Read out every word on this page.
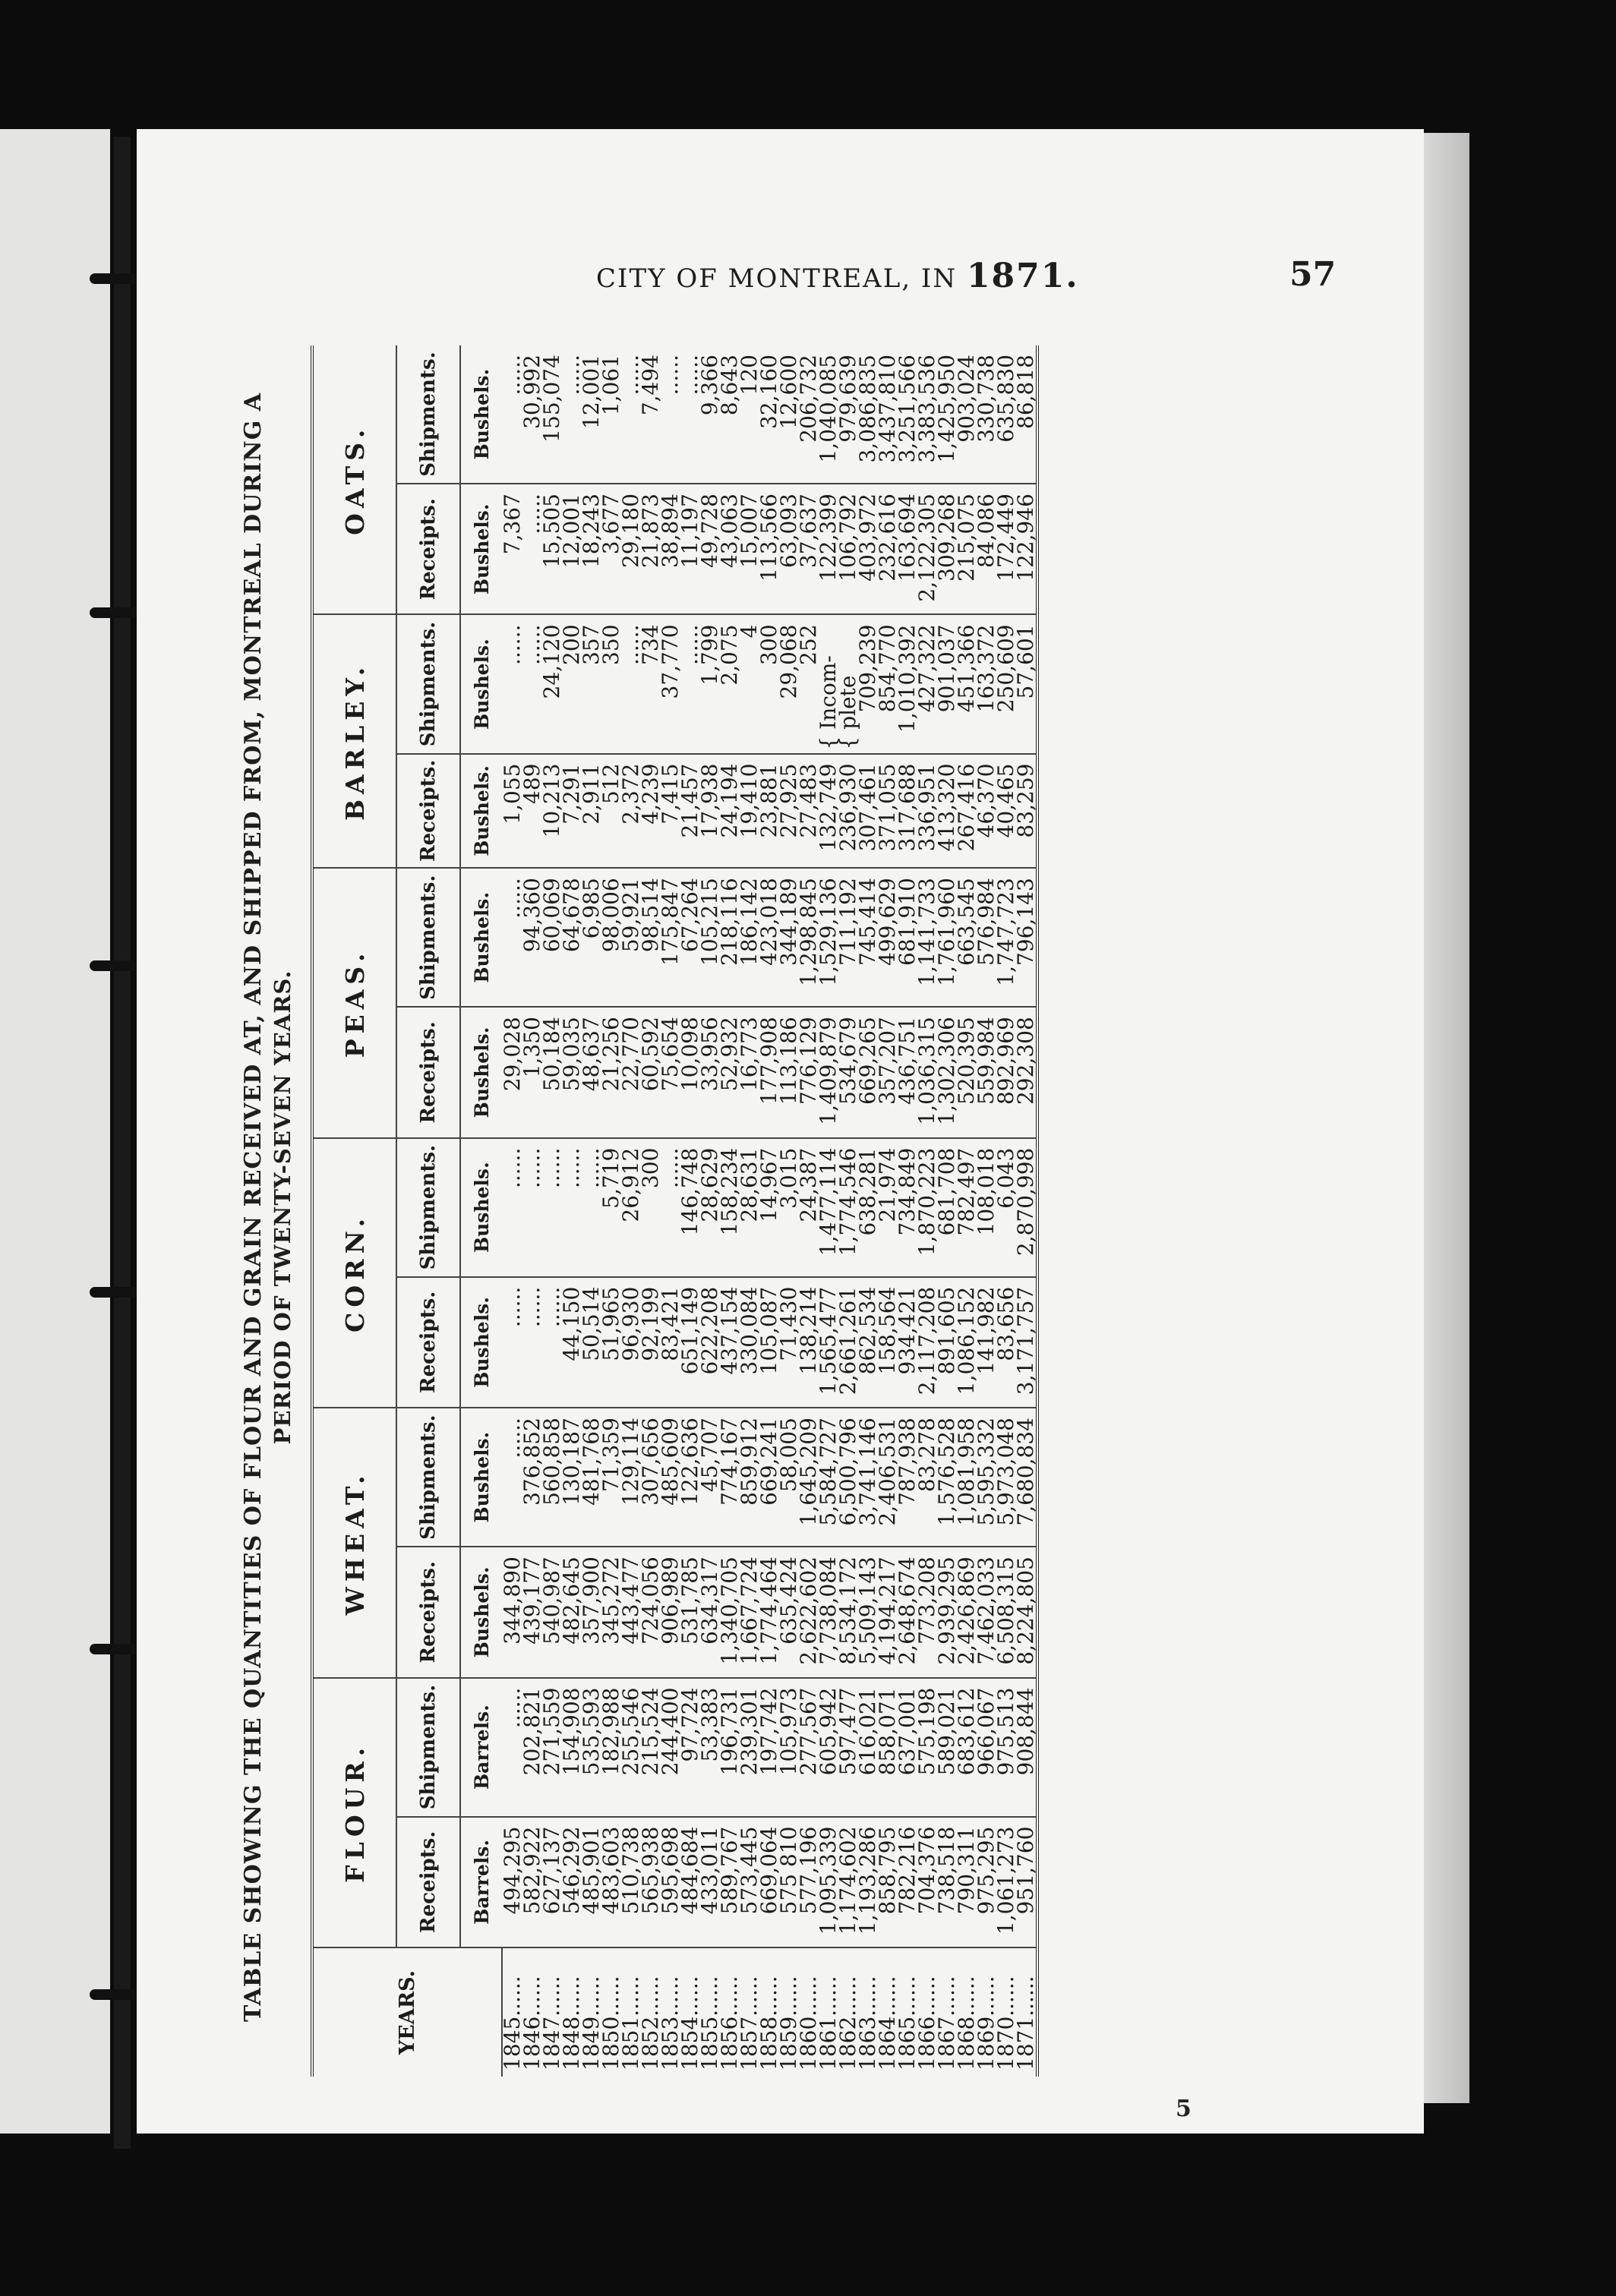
CITY OF MONTREAL, IN 1871.	57
TABLE SHOWING THE QUANTITIES OF FLOUR AND GRAIN RECEIVED AT, AND SHIPPED FROM, MONTREAL DURING A PERIOD OF TWENTY-SEVEN YEARS.
YEARS.	FLOUR.		WHEAT.		CORN.		PEAS.		BARLEY.		OATS.	
	Receipts.	Shipments.	Receipts.	Shipments.	Receipts.	Shipments.	Receipts.	Shipments.	Receipts.	Shipments.	Receipts.	Shipments.
	Barrels.	Barrels.	Bushels.	Bushels.	Bushels.	Bushels.	Bushels.	Bushels.	Bushels.	Bushels.	Bushels.	Bushels.
1845......	494,295	......	344,890	......	......	......	29,028	......	1,055	......	7,367	......
1846......	582,922	202,821	439,177	376,852	......	......	1,350	94,360	489	......	......	30,992
1847......	627,137	271,559	540,987	560,858	......	......	50,184	60,069	10,213	24,120	15,505	155,074
1848......	546,292	154,908	482,645	130,187	44,150	......	59,035	64,678	7,291	200	12,001	......
1849......	485,901	535,593	357,900	481,768	50,514	......	48,637	6,985	2,911	357	18,243	12,001
1850......	483,603	182,988	345,272	71,359	51,965	5,719	21,256	98,006	512	350	3,677	1,061
1851......	510,738	255,546	443,477	129,114	96,930	26,912	22,770	59,921	2,372	......	29,180	......
1852......	565,938	215,524	724,056	307,656	92,199	300	60,592	98,514	4,239	734	21,873	7,494
1853......	595,698	244,400	906,989	485,609	83,421	......	75,654	175,847	7,415	37,770	38,894	......
1854......	484,684	97,724	531,785	122,636	651,149	146,748	10,098	67,264	21,457	......	11,197	......
1855......	433,011	53,383	634,317	45,707	622,208	28,629	33,956	105,215	17,938	1,799	49,728	9,366
1856......	589,767	196,731	1,340,705	774,167	437,154	158,234	52,932	218,116	24,194	2,075	43,063	8,643
1857......	573,445	239,301	1,667,724	859,912	330,084	28,631	16,773	186,142	19,410	4	15,007	120
1858......	669,064	197,742	1,774,464	669,241	105,087	14,967	177,908	423,018	23,881	300	113,566	32,160
1859......	575 810	105,973	635,424	58,005	71,430	3,015	113,186	344,189	27,925	29,068	63,093	12,600
1860......	577,196	277,567	2,622,602	1,645,209	138,214	24,387	776,129	1,298,845	27,483	252	37,637	206,732
1861......	1,095,339	605,942	7,738,084	5,584,727	1,565,477	1,477,114	1,409,879	1,529,136	132,749	{ Incom-	122,399	1,040,085
1862......	1,174,602	597,477	8,534,172	6,500,796	2,661,261	1,774,546	534,679	711,192	236,930	{ plete	106,792	979,639
1863......	1,193,286	616,021	5,509,143	3,741,146	862,534	638,281	669,265	745,414	307,461	709,239	403,972	3,086,835
1864......	858,795	858,071	4,194,217	2,406,531	158,564	21,974	357,207	499,629	371,055	854,770	232,616	3,437,810
1865......	782,216	637,001	2,648,674	787,938	934,421	734,849	436,751	681,910	317,688	1,010,392	163,694	3,251,566
1866......	704,376	575,198	773,208	83,278	2,117,208	1,870,223	1,036,315	1,141,733	336,951	427,322	2,122,305	3,383,536
1867......	738,518	589,021	2,939,295	1,576,528	891,605	681,708	1,302,306	1,761,960	413,320	901,037	309,268	1,425,950
1868......	790,311	683,612	2,426,869	1,081,958	1,086,152	782,497	520,395	663,545	267,416	451,366	215,075	903,024
1869......	975,295	966,067	7,462,033	5,595,332	141,982	108,018	559,984	576,984	46,370	163,372	84,086	330,738
1870......	1,061,273	975,513	6,508,315	5,973,048	83,656	6,043	892,969	1,747,723	40,465	250,609	172,449	635,830
1871......	951,760	908,844	8,224,805	7,680,834	3,171,757	2,870,998	292,308	796,143	83,259	57,601	122,946	86,818
5
